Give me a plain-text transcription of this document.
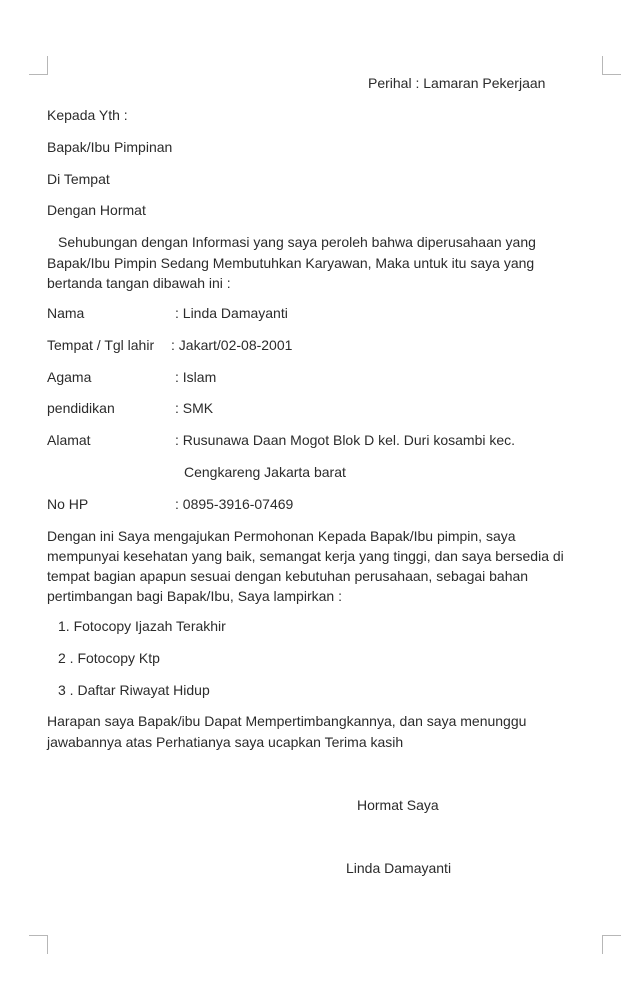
Perihal : Lamaran Pekerjaan
Kepada Yth :
Bapak/Ibu Pimpinan
Di Tempat
Dengan Hormat
Sehubungan dengan Informasi yang saya peroleh bahwa diperusahaan yang
Bapak/Ibu Pimpin Sedang Membutuhkan Karyawan, Maka untuk itu saya yang
bertanda tangan dibawah ini :
Nama	: Linda Damayanti
Tempat / Tgl lahir : Jakart/02-08-2001
Agama	: Islam
pendidikan	: SMK
Alamat	: Rusunawa Daan Mogot Blok D kel. Duri kosambi kec.
Cengkareng Jakarta barat
No HP	: 0895-3916-07469
Dengan ini Saya mengajukan Permohonan Kepada Bapak/Ibu pimpin, saya
mempunyai kesehatan yang baik, semangat kerja yang tinggi, dan saya bersedia di
tempat bagian apapun sesuai dengan kebutuhan perusahaan, sebagai bahan
pertimbangan bagi Bapak/Ibu, Saya lampirkan :
1. Fotocopy Ijazah Terakhir
2 . Fotocopy Ktp
3 . Daftar Riwayat Hidup
Harapan saya Bapak/ibu Dapat Mempertimbangkannya, dan saya menunggu
jawabannya atas Perhatianya saya ucapkan Terima kasih
Hormat Saya
Linda Damayanti
